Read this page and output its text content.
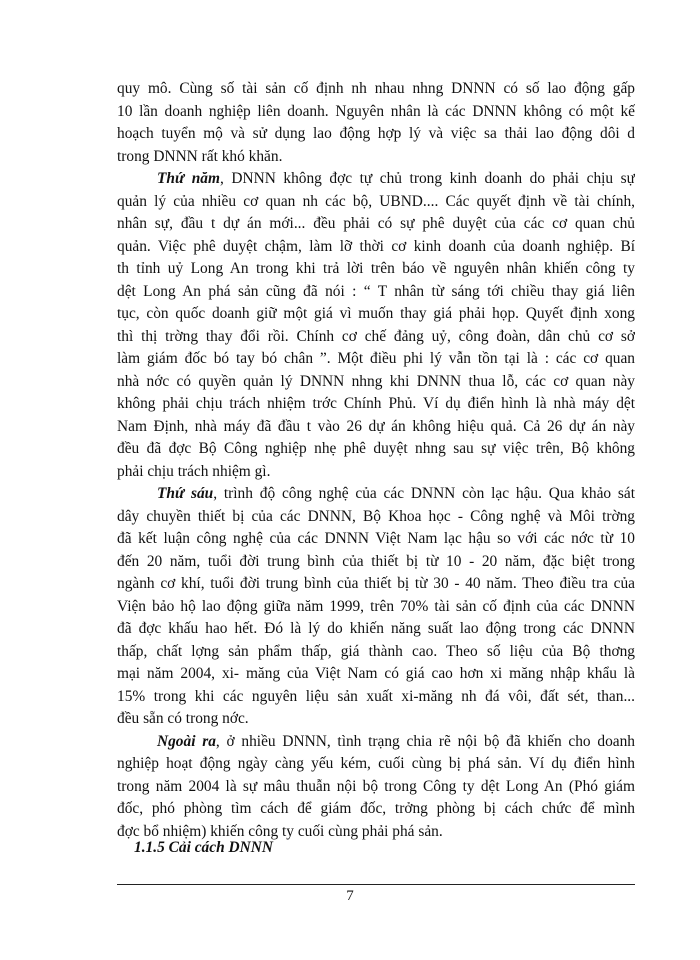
quy mô. Cùng số tài sản cố định nh nhau nhng DNNN có số lao động gấp
10 lần doanh nghiệp liên doanh. Nguyên nhân là các DNNN không có một kế
hoạch tuyển mộ và sử dụng lao động hợp lý và việc sa thải lao động dôi d
trong DNNN rất khó khăn.
Thứ năm, DNNN không đợc tự chủ trong kinh doanh do phải chịu sự
quản lý của nhiều cơ quan nh các bộ, UBND.... Các quyết định về tài chính,
nhân sự, đầu t dự án mới... đều phải có sự phê duyệt của các cơ quan chủ
quản. Việc phê duyệt chậm, làm lỡ thời cơ kinh doanh của doanh nghiệp. Bí
th tỉnh uỷ Long An trong khi trả lời trên báo về nguyên nhân khiến công ty
dệt Long An phá sản cũng đã nói : “ T nhân từ sáng tới chiều thay giá liên
tục, còn quốc doanh giữ một giá vì muốn thay giá phải họp. Quyết định xong
thì thị trờng thay đổi rồi. Chính cơ chế đảng uỷ, công đoàn, dân chủ cơ sở
làm giám đốc bó tay bó chân ”. Một điều phi lý vẫn tồn tại là : các cơ quan
nhà nớc có quyền quản lý DNNN nhng khi DNNN thua lỗ, các cơ quan này
không phải chịu trách nhiệm trớc Chính Phủ. Ví dụ điển hình là nhà máy dệt
Nam Định, nhà máy đã đầu t vào 26 dự án không hiệu quả. Cả 26 dự án này
đều đã đợc Bộ Công nghiệp nhẹ phê duyệt nhng sau sự việc trên, Bộ không
phải chịu trách nhiệm gì.
Thứ sáu, trình độ công nghệ của các DNNN còn lạc hậu. Qua khảo sát
dây chuyền thiết bị của các DNNN, Bộ Khoa học - Công nghệ và Môi trờng
đã kết luận công nghệ của các DNNN Việt Nam lạc hậu so với các nớc từ 10
đến 20 năm, tuổi đời trung bình của thiết bị từ 10 - 20 năm, đặc biệt trong
ngành cơ khí, tuổi đời trung bình của thiết bị từ 30 - 40 năm. Theo điều tra của
Viện bảo hộ lao động giữa năm 1999, trên 70% tài sản cố định của các DNNN
đã đợc khấu hao hết. Đó là lý do khiến năng suất lao động trong các DNNN
thấp, chất lợng sản phẩm thấp, giá thành cao. Theo số liệu của Bộ thơng
mại năm 2004, xi- măng của Việt Nam có giá cao hơn xi măng nhập khẩu là
15% trong khi các nguyên liệu sản xuất xi-măng nh đá vôi, đất sét, than...
đều sẵn có trong nớc.
Ngoài ra, ở nhiều DNNN, tình trạng chia rẽ nội bộ đã khiến cho doanh
nghiệp hoạt động ngày càng yếu kém, cuối cùng bị phá sản. Ví dụ điển hình
trong năm 2004 là sự mâu thuẫn nội bộ trong Công ty dệt Long An (Phó giám
đốc, phó phòng tìm cách để giám đốc, trởng phòng bị cách chức để mình
đợc bổ nhiệm) khiến công ty cuối cùng phải phá sản.
1.1.5 Cải cách DNNN
7
